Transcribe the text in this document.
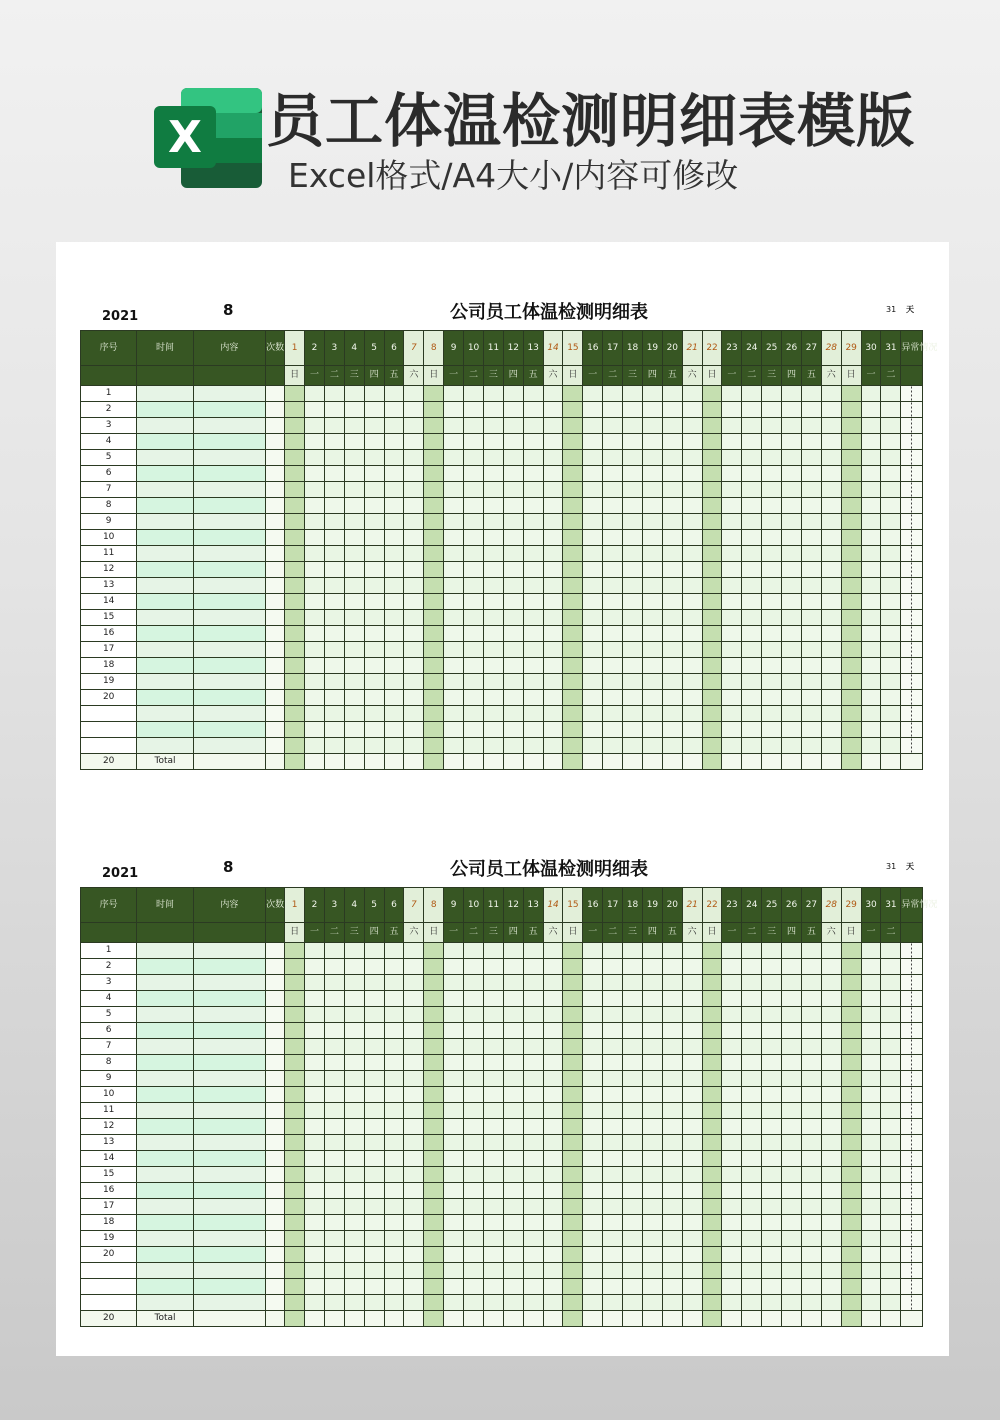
X 员工体温检测明细表模版

Excel格式/A4大小/内容可修改

2021	8	公司员工体温检测明细表	31 天
序号	时间	内容	次数	1	2	3	4	5	6	7	8	9	10	11	12	13	14	15	16	17	18	19	20	21	22	23	24	25	26	27	28	29	30	31	异常情况
				日	一	二	三	四	五	六	日	一	二	三	四	五	六	日	一	二	三	四	五	六	日	一	二	三	四	五	六	日	一	二	
1																																			
2																																			
3																																			
4																																			
5																																			
6																																			
7																																			
8																																			
9																																			
10																																			
11																																			
12																																			
13																																			
14																																			
15																																			
16																																			
17																																			
18																																			
19																																			
20																																			

20	Total																																		
2021	8	公司员工体温检测明细表	31 天
序号	时间	内容	次数	1	2	3	4	5	6	7	8	9	10	11	12	13	14	15	16	17	18	19	20	21	22	23	24	25	26	27	28	29	30	31	异常情况
				日	一	二	三	四	五	六	日	一	二	三	四	五	六	日	一	二	三	四	五	六	日	一	二	三	四	五	六	日	一	二	
1																																			
2																																			
3																																			
4																																			
5																																			
6																																			
7																																			
8																																			
9																																			
10																																			
11																																			
12																																			
13																																			
14																																			
15																																			
16																																			
17																																			
18																																			
19																																			
20																																			

20	Total																																		
